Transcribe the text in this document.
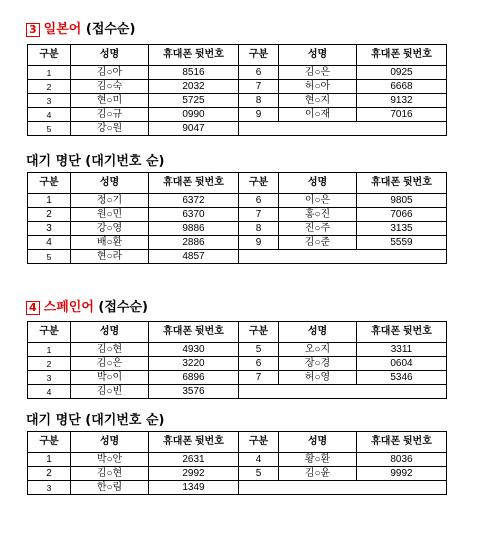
3 일본어 (접수순)
구분	성명	휴대폰 뒷번호	구분	성명	휴대폰 뒷번호
1	김○아	8516	6	김○은	0925
2	김○숙	2032	7	허○아	6668
3	현○미	5725	8	현○지	9132
4	김○규	0990	9	이○재	7016
5	강○원	9047			
대기 명단 (대기번호 순)
구분	성명	휴대폰 뒷번호	구분	성명	휴대폰 뒷번호
1	정○기	6372	6	이○은	9805
2	원○민	6370	7	홍○진	7066
3	강○영	9886	8	진○주	3135
4	배○환	2886	9	김○준	5559
5	현○라	4857			
4 스페인어 (접수순)
구분	성명	휴대폰 뒷번호	구분	성명	휴대폰 뒷번호
1	김○현	4930	5	오○지	3311
2	김○은	3220	6	장○경	0604
3	박○이	6896	7	허○영	5346
4	김○빈	3576			
대기 명단 (대기번호 순)
구분	성명	휴대폰 뒷번호	구분	성명	휴대폰 뒷번호
1	박○안	2631	4	황○환	8036
2	김○현	2992	5	김○윤	9992
3	한○림	1349			
